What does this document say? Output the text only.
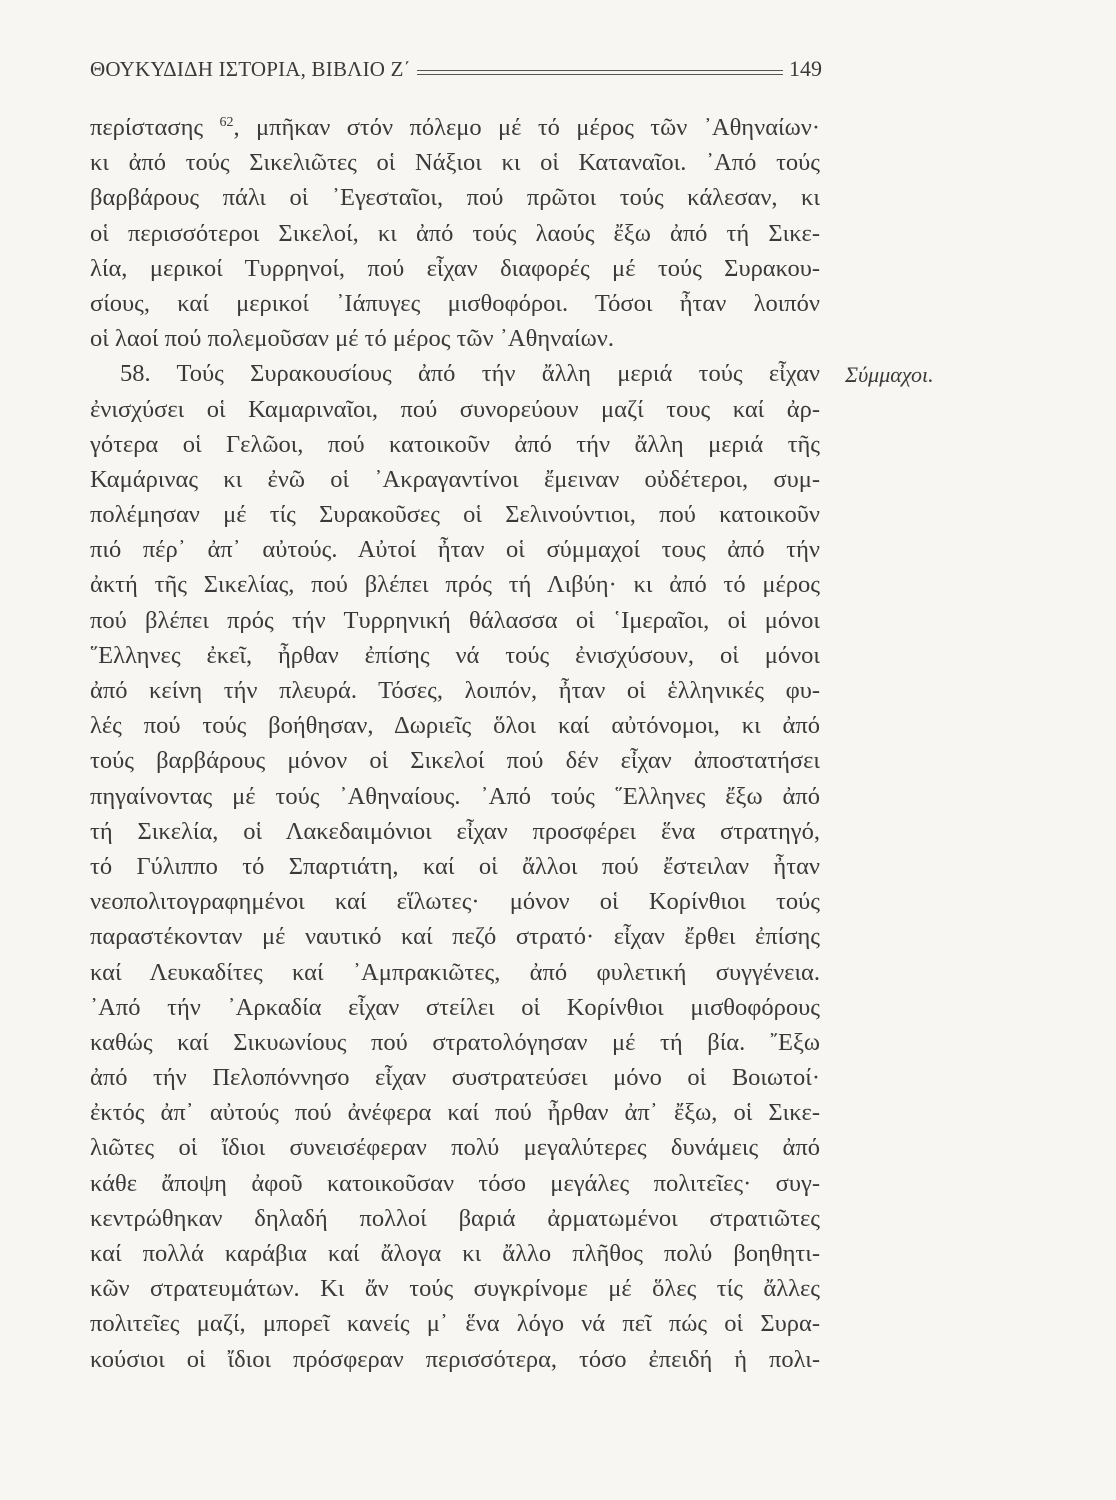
ΘΟΥΚΥΔΙΔΗ ΙΣΤΟΡΙΑ, ΒΙΒΛΙΟ Ζ΄	149
περίστασης $^{62}$, μπῆκαν στόν πόλεμο μέ τό μέρος τῶν ᾿Αθηναίων·
κι ἀπό τούς Σικελιῶτες οἱ Νάξιοι κι οἱ Καταναῖοι. ᾿Από τούς
βαρβάρους πάλι οἱ ᾿Εγεσταῖοι, πού πρῶτοι τούς κάλεσαν, κι
οἱ περισσότεροι Σικελοί, κι ἀπό τούς λαούς ἔξω ἀπό τή Σικε-
λία, μερικοί Τυρρηνοί, πού εἶχαν διαφορές μέ τούς Συρακου-
σίους, καί μερικοί ᾿Ιάπυγες μισθοφόροι. Τόσοι ἦταν λοιπόν
οἱ λαοί πού πολεμοῦσαν μέ τό μέρος τῶν ᾿Αθηναίων.
58. Τούς Συρακουσίους ἀπό τήν ἄλλη μεριά τούς εἶχαν
ἐνισχύσει οἱ Καμαριναῖοι, πού συνορεύουν μαζί τους καί ἀρ-
γότερα οἱ Γελῶοι, πού κατοικοῦν ἀπό τήν ἄλλη μεριά τῆς
Καμάρινας κι ἐνῶ οἱ ᾿Ακραγαντίνοι ἔμειναν οὐδέτεροι, συμ-
πολέμησαν μέ τίς Συρακοῦσες οἱ Σελινούντιοι, πού κατοικοῦν
πιό πέρ᾿ ἀπ᾿ αὐτούς. Αὐτοί ἦταν οἱ σύμμαχοί τους ἀπό τήν
ἀκτή τῆς Σικελίας, πού βλέπει πρός τή Λιβύη· κι ἀπό τό μέρος
πού βλέπει πρός τήν Τυρρηνική θάλασσα οἱ ῾Ιμεραῖοι, οἱ μόνοι
῞Ελληνες ἐκεῖ, ἦρθαν ἐπίσης νά τούς ἐνισχύσουν, οἱ μόνοι
ἀπό κείνη τήν πλευρά. Τόσες, λοιπόν, ἦταν οἱ ἑλληνικές φυ-
λές πού τούς βοήθησαν, Δωριεῖς ὅλοι καί αὐτόνομοι, κι ἀπό
τούς βαρβάρους μόνον οἱ Σικελοί πού δέν εἶχαν ἀποστατήσει
πηγαίνοντας μέ τούς ᾿Αθηναίους. ᾿Από τούς ῞Ελληνες ἔξω ἀπό
τή Σικελία, οἱ Λακεδαιμόνιοι εἶχαν προσφέρει ἕνα στρατηγό,
τό Γύλιππο τό Σπαρτιάτη, καί οἱ ἄλλοι πού ἔστειλαν ἦταν
νεοπολιτογραφημένοι καί εἵλωτες· μόνον οἱ Κορίνθιοι τούς
παραστέκονταν μέ ναυτικό καί πεζό στρατό· εἶχαν ἔρθει ἐπίσης
καί Λευκαδίτες καί ᾿Αμπρακιῶτες, ἀπό φυλετική συγγένεια.
᾿Από τήν ᾿Αρκαδία εἶχαν στείλει οἱ Κορίνθιοι μισθοφόρους
καθώς καί Σικυωνίους πού στρατολόγησαν μέ τή βία. ῎Εξω
ἀπό τήν Πελοπόννησο εἶχαν συστρατεύσει μόνο οἱ Βοιωτοί·
ἐκτός ἀπ᾿ αὐτούς πού ἀνέφερα καί πού ἦρθαν ἀπ᾿ ἔξω, οἱ Σικε-
λιῶτες οἱ ἴδιοι συνεισέφεραν πολύ μεγαλύτερες δυνάμεις ἀπό
κάθε ἄποψη ἀφοῦ κατοικοῦσαν τόσο μεγάλες πολιτεῖες· συγ-
κεντρώθηκαν δηλαδή πολλοί βαριά ἀρματωμένοι στρατιῶτες
καί πολλά καράβια καί ἄλογα κι ἄλλο πλῆθος πολύ βοηθητι-
κῶν στρατευμάτων. Κι ἄν τούς συγκρίνομε μέ ὅλες τίς ἄλλες
πολιτεῖες μαζί, μπορεῖ κανείς μ᾿ ἕνα λόγο νά πεῖ πώς οἱ Συρα-
κούσιοι οἱ ἴδιοι πρόσφεραν περισσότερα, τόσο ἐπειδή ἡ πολι-
Σύμμαχοι.
